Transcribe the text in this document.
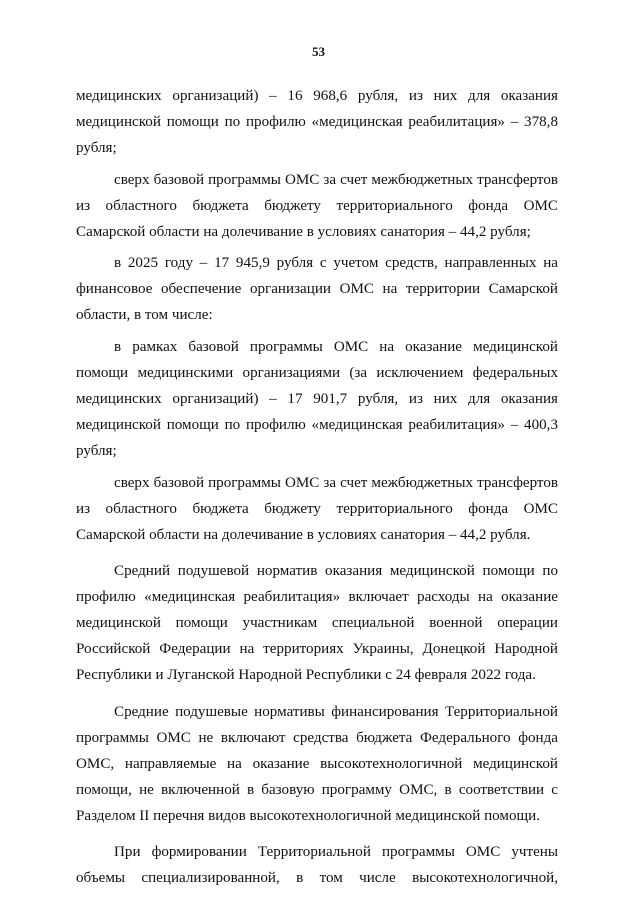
53

медицинских организаций) – 16 968,6 рубля, из них для оказания медицинской помощи по профилю «медицинская реабилитация» – 378,8 рубля;

сверх базовой программы ОМС за счет межбюджетных трансфертов из областного бюджета бюджету территориального фонда ОМС Самарской области на долечивание в условиях санатория – 44,2 рубля;

в 2025 году – 17 945,9 рубля с учетом средств, направленных на финансовое обеспечение организации ОМС на территории Самарской области, в том числе:

в рамках базовой программы ОМС на оказание медицинской помощи медицинскими организациями (за исключением федеральных медицинских организаций) – 17 901,7 рубля, из них для оказания медицинской помощи по профилю «медицинская реабилитация» – 400,3 рубля;

сверх базовой программы ОМС за счет межбюджетных трансфертов из областного бюджета бюджету территориального фонда ОМС Самарской области на долечивание в условиях санатория – 44,2 рубля.

Средний подушевой норматив оказания медицинской помощи по профилю «медицинская реабилитация» включает расходы на оказание медицинской помощи участникам специальной военной операции Российской Федерации на территориях Украины, Донецкой Народной Республики и Луганской Народной Республики с 24 февраля 2022 года.

Средние подушевые нормативы финансирования Территориальной программы ОМС не включают средства бюджета Федерального фонда ОМС, направляемые на оказание высокотехнологичной медицинской помощи, не включенной в базовую программу ОМС, в соответствии с Разделом II перечня видов высокотехнологичной медицинской помощи.

При формировании Территориальной программы ОМС учтены объемы специализированной, в том числе высокотехнологичной,
